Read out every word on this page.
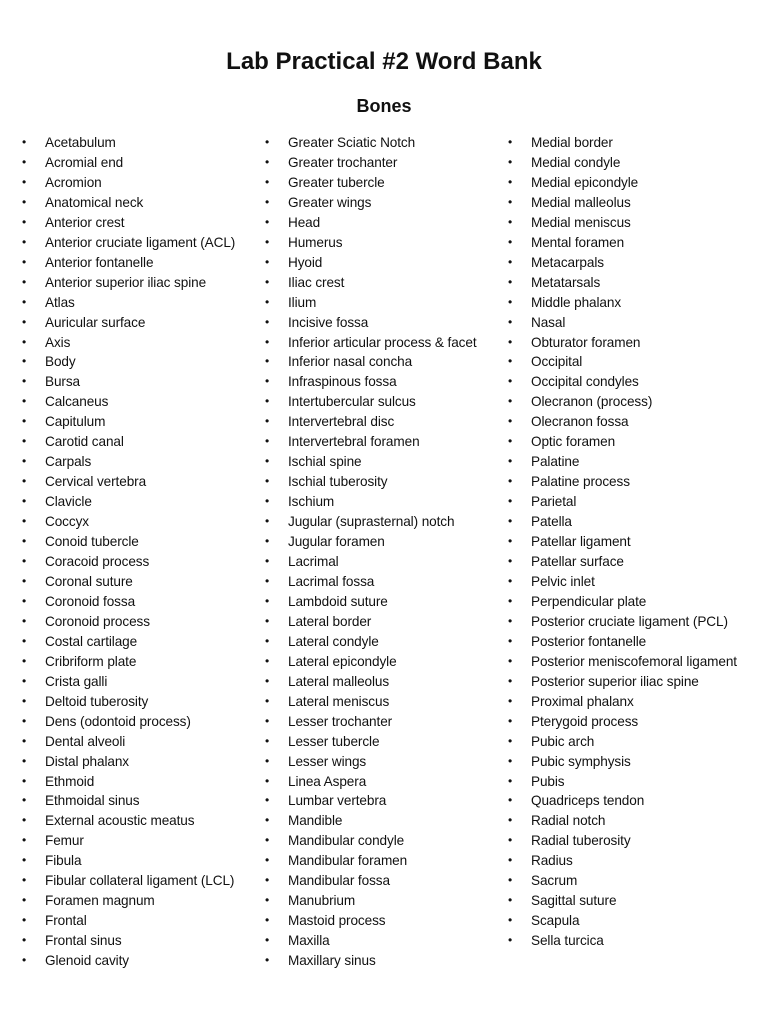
Lab Practical #2 Word Bank
Bones
• Acetabulum
• Acromial end
• Acromion
• Anatomical neck
• Anterior crest
• Anterior cruciate ligament (ACL)
• Anterior fontanelle
• Anterior superior iliac spine
• Atlas
• Auricular surface
• Axis
• Body
• Bursa
• Calcaneus
• Capitulum
• Carotid canal
• Carpals
• Cervical vertebra
• Clavicle
• Coccyx
• Conoid tubercle
• Coracoid process
• Coronal suture
• Coronoid fossa
• Coronoid process
• Costal cartilage
• Cribriform plate
• Crista galli
• Deltoid tuberosity
• Dens (odontoid process)
• Dental alveoli
• Distal phalanx
• Ethmoid
• Ethmoidal sinus
• External acoustic meatus
• Femur
• Fibula
• Fibular collateral ligament (LCL)
• Foramen magnum
• Frontal
• Frontal sinus
• Glenoid cavity
• Greater Sciatic Notch
• Greater trochanter
• Greater tubercle
• Greater wings
• Head
• Humerus
• Hyoid
• Iliac crest
• Ilium
• Incisive fossa
• Inferior articular process & facet
• Inferior nasal concha
• Infraspinous fossa
• Intertubercular sulcus
• Intervertebral disc
• Intervertebral foramen
• Ischial spine
• Ischial tuberosity
• Ischium
• Jugular (suprasternal) notch
• Jugular foramen
• Lacrimal
• Lacrimal fossa
• Lambdoid suture
• Lateral border
• Lateral condyle
• Lateral epicondyle
• Lateral malleolus
• Lateral meniscus
• Lesser trochanter
• Lesser tubercle
• Lesser wings
• Linea Aspera
• Lumbar vertebra
• Mandible
• Mandibular condyle
• Mandibular foramen
• Mandibular fossa
• Manubrium
• Mastoid process
• Maxilla
• Maxillary sinus
• Medial border
• Medial condyle
• Medial epicondyle
• Medial malleolus
• Medial meniscus
• Mental foramen
• Metacarpals
• Metatarsals
• Middle phalanx
• Nasal
• Obturator foramen
• Occipital
• Occipital condyles
• Olecranon (process)
• Olecranon fossa
• Optic foramen
• Palatine
• Palatine process
• Parietal
• Patella
• Patellar ligament
• Patellar surface
• Pelvic inlet
• Perpendicular plate
• Posterior cruciate ligament (PCL)
• Posterior fontanelle
• Posterior meniscofemoral ligament
• Posterior superior iliac spine
• Proximal phalanx
• Pterygoid process
• Pubic arch
• Pubic symphysis
• Pubis
• Quadriceps tendon
• Radial notch
• Radial tuberosity
• Radius
• Sacrum
• Sagittal suture
• Scapula
• Sella turcica
